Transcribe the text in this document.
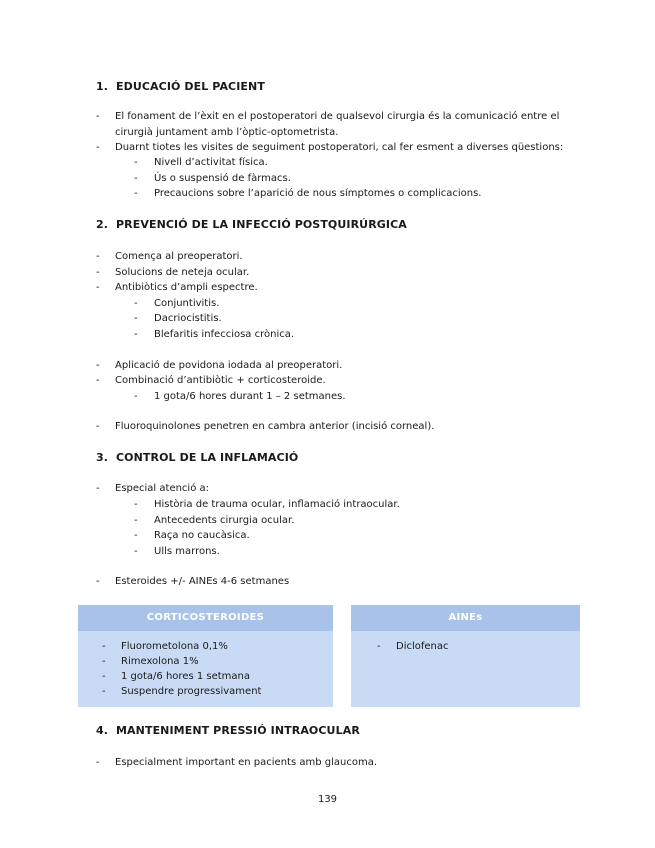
1. EDUCACIÓ DEL PACIENT
- El fonament de l’èxit en el postoperatori de qualsevol cirurgia és la comunicació entre el
cirurgià juntament amb l’òptic-optometrista.
- Duarnt tiotes les visites de seguiment postoperatori, cal fer esment a diverses qüestions:
- Nivell d’activitat física.
- Ús o suspensió de fàrmacs.
- Precaucions sobre l’aparició de nous símptomes o complicacions.
2. PREVENCIÓ DE LA INFECCIÓ POSTQUIRÚRGICA
- Comença al preoperatori.
- Solucions de neteja ocular.
- Antibiòtics d’ampli espectre.
- Conjuntivitis.
- Dacriocistitis.
- Blefaritis infecciosa crònica.
- Aplicació de povidona iodada al preoperatori.
- Combinació d’antibiòtic + corticosteroide.
- 1 gota/6 hores durant 1 – 2 setmanes.
- Fluoroquinolones penetren en cambra anterior (incisió corneal).
3. CONTROL DE LA INFLAMACIÓ
- Especial atenció a:
- Història de trauma ocular, inflamació intraocular.
- Antecedents cirurgia ocular.
- Raça no caucàsica.
- Ulls marrons.
- Esteroides +/- AINEs 4-6 setmanes
CORTICOSTEROIDES
- Fluorometolona 0,1%
- Rimexolona 1%
- 1 gota/6 hores 1 setmana
- Suspendre progressivament
AINEs
- Diclofenac
4. MANTENIMENT PRESSIÓ INTRAOCULAR
- Especialment important en pacients amb glaucoma.
139
